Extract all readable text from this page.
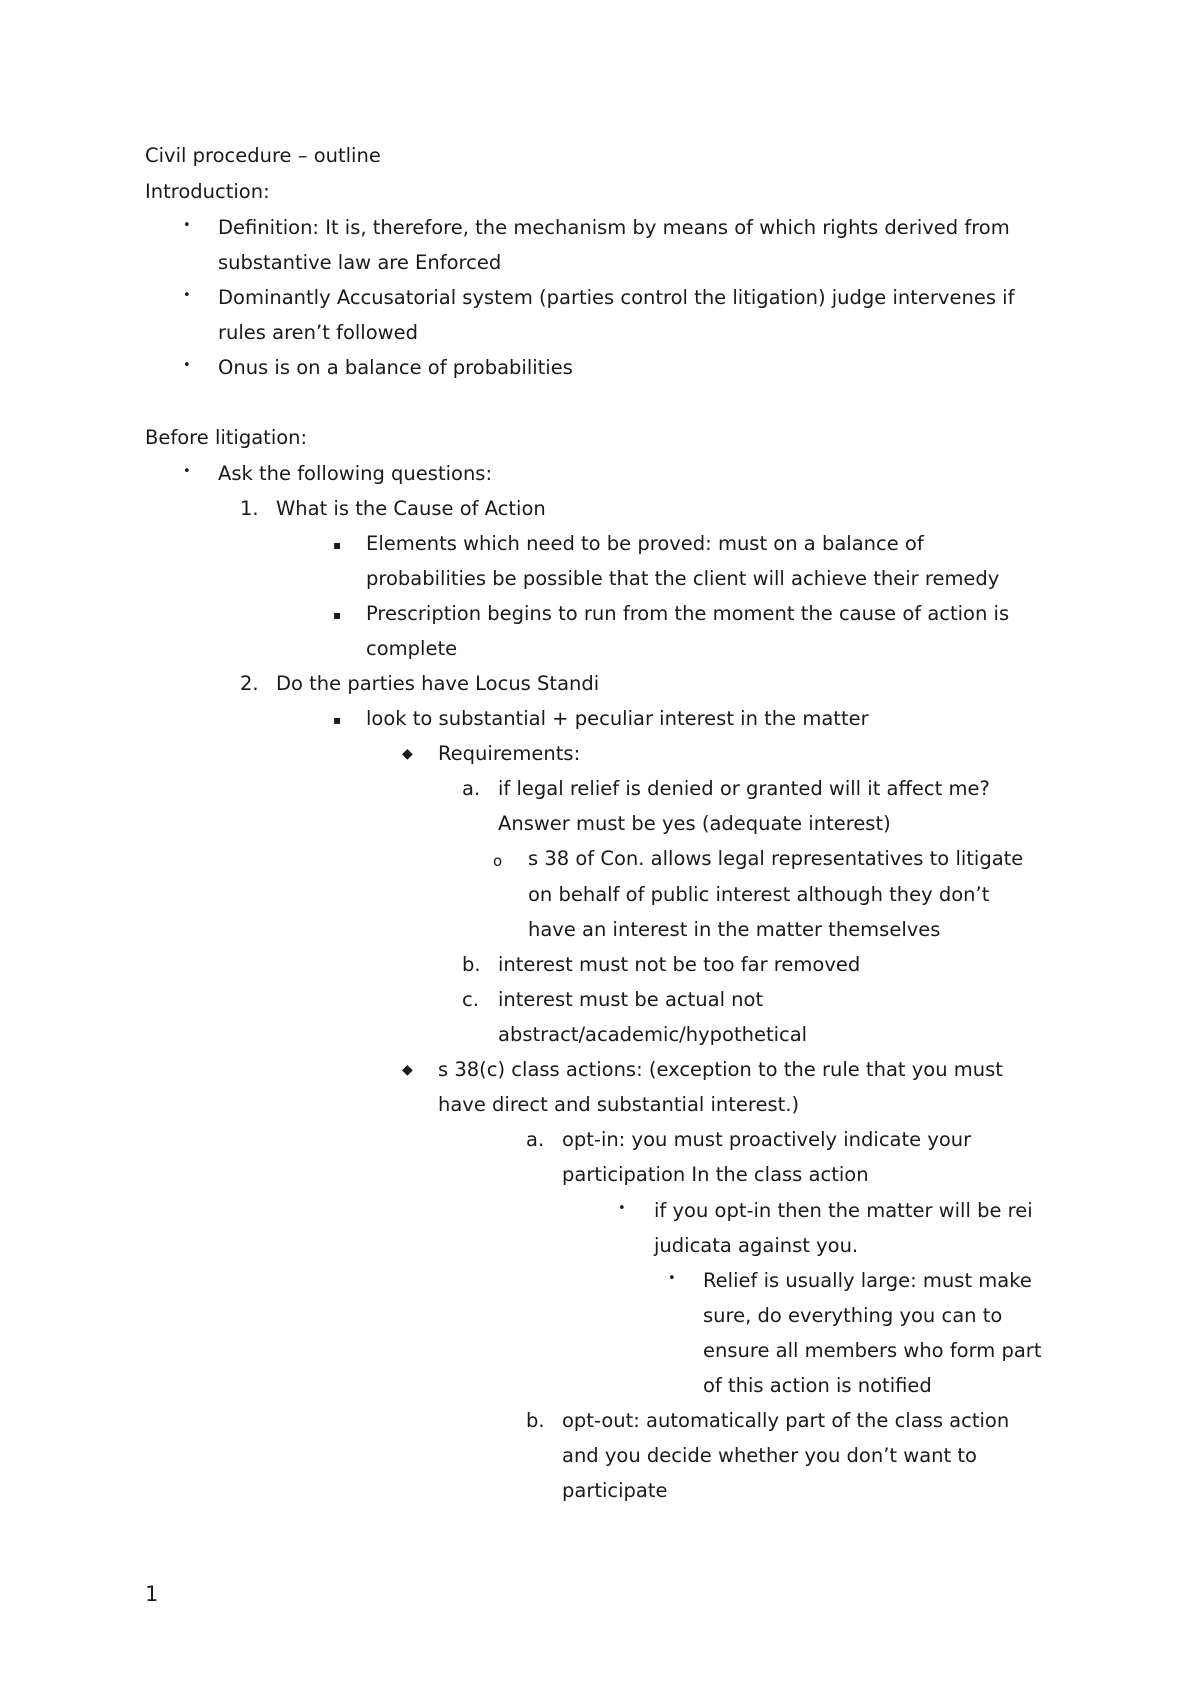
Civil procedure – outline
Introduction:
• Definition: It is, therefore, the mechanism by means of which rights derived from
substantive law are Enforced
• Dominantly Accusatorial system (parties control the litigation) judge intervenes if
rules aren’t followed
• Onus is on a balance of probabilities
Before litigation:
• Ask the following questions:
1. What is the Cause of Action
▪ Elements which need to be proved: must on a balance of
probabilities be possible that the client will achieve their remedy
▪ Prescription begins to run from the moment the cause of action is
complete
2. Do the parties have Locus Standi
▪ look to substantial + peculiar interest in the matter
◆ Requirements:
a. if legal relief is denied or granted will it affect me?
Answer must be yes (adequate interest)
o s 38 of Con. allows legal representatives to litigate
on behalf of public interest although they don’t
have an interest in the matter themselves
b. interest must not be too far removed
c. interest must be actual not
abstract/academic/hypothetical
◆ s 38(c) class actions: (exception to the rule that you must
have direct and substantial interest.)
a. opt-in: you must proactively indicate your
participation In the class action
• if you opt-in then the matter will be rei
judicata against you.
• Relief is usually large: must make
sure, do everything you can to
ensure all members who form part
of this action is notified
b. opt-out: automatically part of the class action
and you decide whether you don’t want to
participate
1
